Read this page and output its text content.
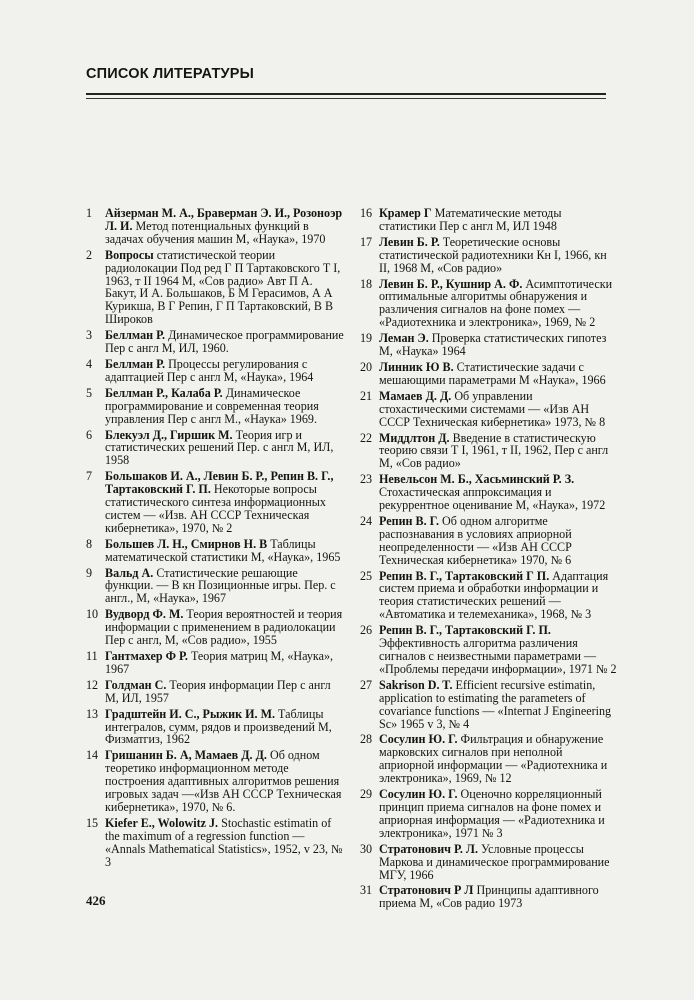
СПИСОК ЛИТЕРАТУРЫ
1	Айзерман М. А., Браверман Э. И., Розоноэр Л. И. Метод потенциальных функций в задачах обучения машин М, «Наука», 1970
2	Вопросы статистической теории радиолокации Под ред Г П Тартаковского Т I, 1963, т II 1964 М, «Сов радио» Авт П А. Бакут, И А. Большаков, Б М Герасимов, А А Курикша, В Г Репин, Г П Тартаковский, В В Широков
3	Беллман Р. Динамическое программирование Пер с англ М, ИЛ, 1960.
4	Беллман Р. Процессы регулирования с адаптацией Пер с англ М, «Наука», 1964
5	Беллман Р., Калаба Р. Динамическое программирование и современная теория управления Пер с англ М., «Наука» 1969.
6	Блекуэл Д., Гиршик М. Теория игр и статистических решений Пер. с англ М, ИЛ, 1958
7	Большаков И. А., Левин Б. Р., Репин В. Г., Тартаковский Г. П. Некоторые вопросы статистического синтеза информационных систем — «Изв. АН СССР Техническая кибернетика», 1970, № 2
8	Большев Л. Н., Смирнов Н. В Таблицы математической статистики М, «Наука», 1965
9	Вальд А. Статистические решающие функции. — В кн Позиционные игры. Пер. с англ., М, «Наука», 1967
10 Вудворд Ф. М. Теория вероятностей и теория информации с применением в радиолокации Пер с англ, М, «Сов радио», 1955
11 Гантмахер Ф Р. Теория матриц М, «Наука», 1967
12 Голдман С. Теория информации Пер с англ М, ИЛ, 1957
13 Градштейн И. С., Рыжик И. М. Таблицы интегралов, сумм, рядов и произведений М, Физматгиз, 1962
14 Гришанин Б. А, Мамаев Д. Д. Об одном теоретико информационном методе построения адаптивных алгоритмов решения игровых задач —«Изв АН СССР Техническая кибернетика», 1970, № 6.
15 Kiefer E., Wolowitz J. Stochastic estimatin of the maximum of a regression function — «Annals Mathematical Statistics», 1952, v 23, № 3
16 Крамер Г Математические методы статистики Пер с англ М, ИЛ 1948
17 Левин Б. Р. Теоретические основы статистической радиотехники Кн I, 1966, кн II, 1968 М, «Сов радио»
18 Левин Б. Р., Кушнир А. Ф. Асимптотически оптимальные алгоритмы обнаружения и различения сигналов на фоне помех — «Радиотехника и электроника», 1969, № 2
19 Леман Э. Проверка статистических гипотез М, «Наука» 1964
20 Линник Ю В. Статистические задачи с мешающими параметрами М «Наука», 1966
21 Мамаев Д. Д. Об управлении стохастическими системами — «Изв АН СССР Техническая кибернетика» 1973, № 8
22 Миддлтон Д. Введение в статистическую теорию связи Т I, 1961, т II, 1962, Пер с англ М, «Сов радио»
23 Невельсон М. Б., Хасьминский Р. З. Стохастическая аппроксимация и рекуррентное оценивание М, «Наука», 1972
24 Репин В. Г. Об одном алгоритме распознавания в условиях априорной неопределенности — «Изв АН СССР Техническая кибернетика» 1970, № 6
25 Репин В. Г., Тартаковский Г П. Адаптация систем приема и обработки информации и теория статистических решений — «Автоматика и телемеханика», 1968, № 3
26 Репин В. Г., Тартаковский Г. П. Эффективность алгоритма различения сигналов с неизвестными параметрами — «Проблемы передачи информации», 1971 № 2
27 Sakrison D. T. Efficient recursive estimatin, application to estimating the parameters of covariance functions — «Internat J Engineering Sc» 1965 v 3, № 4
28 Сосулин Ю. Г. Фильтрация и обнаружение марковских сигналов при неполной априорной информации — «Радиотехника и электроника», 1969, № 12
29 Сосулин Ю. Г. Оценочно корреляционный принцип приема сигналов на фоне помех и априорная информация — «Радиотехника и электроника», 1971 № 3
30 Стратонович Р. Л. Условные процессы Маркова и динамическое программирование МГУ, 1966
31 Стратонович Р Л Принципы адаптивного приема М, «Сов радио 1973
426
